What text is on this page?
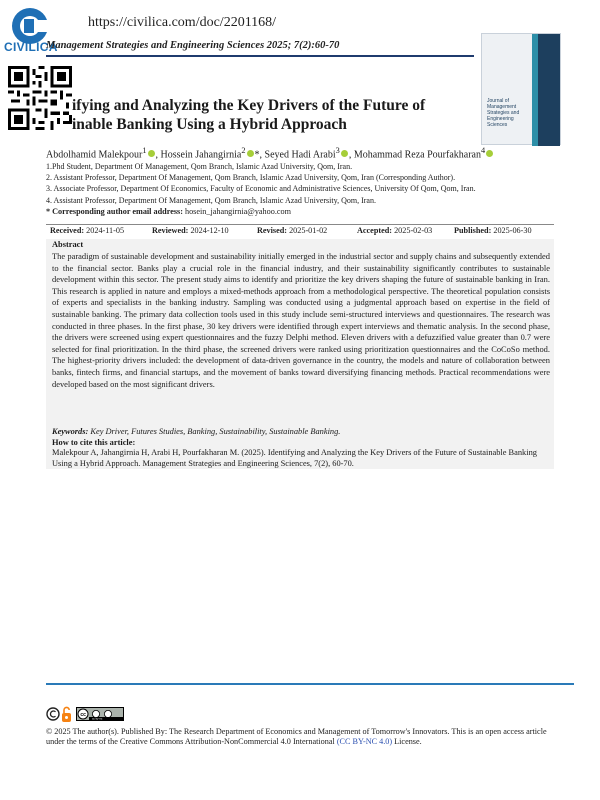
CIVILICA
https://civilica.com/doc/2201168/
Management Strategies and Engineering Sciences 2025; 7(2):60-70
Journal of Management Strategies and Engineering Sciences
ifying and Analyzing the Key Drivers of the Future of
inable Banking Using a Hybrid Approach
Abdolhamid Malekpour$^1$ , Hossein Jahangirnia$^2$ *, Seyed Hadi Arabi$^3$ , Mohammad Reza Pourfakharan$^4$
1.Phd Student, Department Of Management, Qom Branch, Islamic Azad University, Qom, Iran.
2. Assistant Professor, Department Of Management, Qom Branch, Islamic Azad University, Qom, Iran (Corresponding Author).
3. Associate Professor, Department Of Economics, Faculty of Economic and Administrative Sciences, University Of Qom, Qom, Iran.
4. Assistant Professor, Department Of Management, Qom Branch, Islamic Azad University, Qom, Iran.
* Corresponding author email address: hosein_jahangirnia@yahoo.com
Received: 2024-11-05	Reviewed: 2024-12-10	Revised: 2025-01-02	Accepted: 2025-02-03	Published: 2025-06-30
Abstract
The paradigm of sustainable development and sustainability initially emerged in the industrial sector and supply chains and subsequently extended to the financial sector. Banks play a crucial role in the financial industry, and their sustainability significantly contributes to sustainable development within this sector. The present study aims to identify and prioritize the key drivers shaping the future of sustainable banking in Iran. This research is applied in nature and employs a mixed-methods approach from a methodological perspective. The theoretical population consists of experts and specialists in the banking industry. Sampling was conducted using a judgmental approach based on expertise in the field of sustainable banking. The primary data collection tools used in this study include semi-structured interviews and questionnaires. The research was conducted in three phases. In the first phase, 30 key drivers were identified through expert interviews and thematic analysis. In the second phase, the drivers were screened using expert questionnaires and the fuzzy Delphi method. Eleven drivers with a defuzzified value greater than 0.7 were selected for final prioritization. In the third phase, the screened drivers were ranked using prioritization questionnaires and the CoCoSo method. The highest-priority drivers included: the development of data-driven governance in the country, the models and nature of collaboration between banks, fintech firms, and financial startups, and the movement of banks toward diversifying financing methods. Practical recommendations were developed based on the most significant drivers.
Keywords: Key Driver, Futures Studies, Banking, Sustainability, Sustainable Banking.
How to cite this article:
Malekpour A, Jahangirnia H, Arabi H, Pourfakharan M. (2025). Identifying and Analyzing the Key Drivers of the Future of Sustainable Banking Using a Hybrid Approach. Management Strategies and Engineering Sciences, 7(2), 60-70.
cc
cc by nc
© 2025 The author(s). Published By: The Research Department of Economics and Management of Tomorrow's Innovators. This is an open access article under the terms of the Creative Commons Attribution-NonCommercial 4.0 International (CC BY-NC 4.0) License.
